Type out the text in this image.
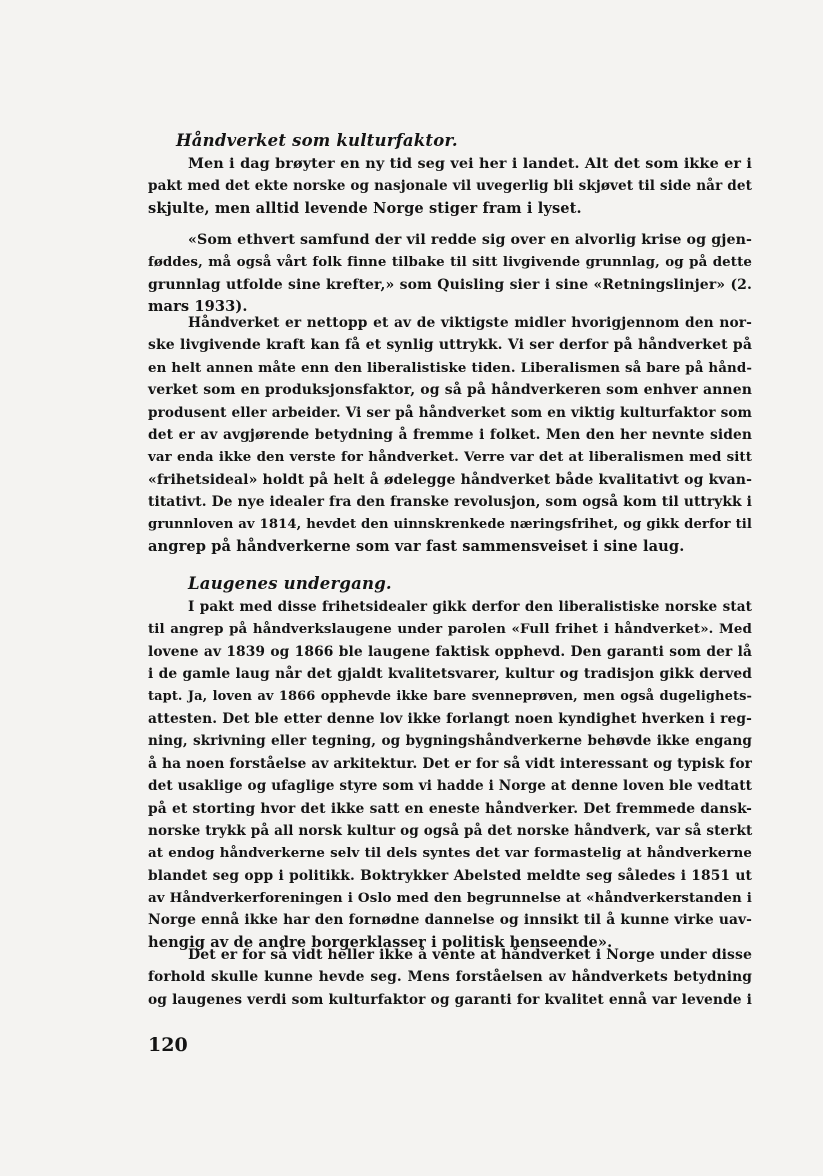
Håndverket som kulturfaktor.
Men i dag brøyter en ny tid seg vei her i landet. Alt det som ikke er i
pakt med det ekte norske og nasjonale vil uvegerlig bli skjøvet til side når det
skjulte, men alltid levende Norge stiger fram i lyset.
«Som ethvert samfund der vil redde sig over en alvorlig krise og gjen-
føddes, må også vårt folk finne tilbake til sitt livgivende grunnlag, og på dette
grunnlag utfolde sine krefter,» som Quisling sier i sine «Retningslinjer» (2.
mars 1933).
Håndverket er nettopp et av de viktigste midler hvorigjennom den nor-
ske livgivende kraft kan få et synlig uttrykk. Vi ser derfor på håndverket på
en helt annen måte enn den liberalistiske tiden. Liberalismen så bare på hånd-
verket som en produksjonsfaktor, og så på håndverkeren som enhver annen
produsent eller arbeider. Vi ser på håndverket som en viktig kulturfaktor som
det er av avgjørende betydning å fremme i folket. Men den her nevnte siden
var enda ikke den verste for håndverket. Verre var det at liberalismen med sitt
«frihetsideal» holdt på helt å ødelegge håndverket både kvalitativt og kvan-
titativt. De nye idealer fra den franske revolusjon, som også kom til uttrykk i
grunnloven av 1814, hevdet den uinnskrenkede næringsfrihet, og gikk derfor til
angrep på håndverkerne som var fast sammensveiset i sine laug.
Laugenes undergang.
I pakt med disse frihetsidealer gikk derfor den liberalistiske norske stat
til angrep på håndverkslaugene under parolen «Full frihet i håndverket». Med
lovene av 1839 og 1866 ble laugene faktisk opphevd. Den garanti som der lå
i de gamle laug når det gjaldt kvalitetsvarer, kultur og tradisjon gikk derved
tapt. Ja, loven av 1866 opphevde ikke bare svenneprøven, men også dugelighets-
attesten. Det ble etter denne lov ikke forlangt noen kyndighet hverken i reg-
ning, skrivning eller tegning, og bygningshåndverkerne behøvde ikke engang
å ha noen forståelse av arkitektur. Det er for så vidt interessant og typisk for
det usaklige og ufaglige styre som vi hadde i Norge at denne loven ble vedtatt
på et storting hvor det ikke satt en eneste håndverker. Det fremmede dansk-
norske trykk på all norsk kultur og også på det norske håndverk, var så sterkt
at endog håndverkerne selv til dels syntes det var formastelig at håndverkerne
blandet seg opp i politikk. Boktrykker Abelsted meldte seg således i 1851 ut
av Håndverkerforeningen i Oslo med den begrunnelse at «håndverkerstanden i
Norge ennå ikke har den fornødne dannelse og innsikt til å kunne virke uav-
hengig av de andre borgerklasser i politisk henseende».
Det er for så vidt heller ikke å vente at håndverket i Norge under disse
forhold skulle kunne hevde seg. Mens forståelsen av håndverkets betydning
og laugenes verdi som kulturfaktor og garanti for kvalitet ennå var levende i
120
